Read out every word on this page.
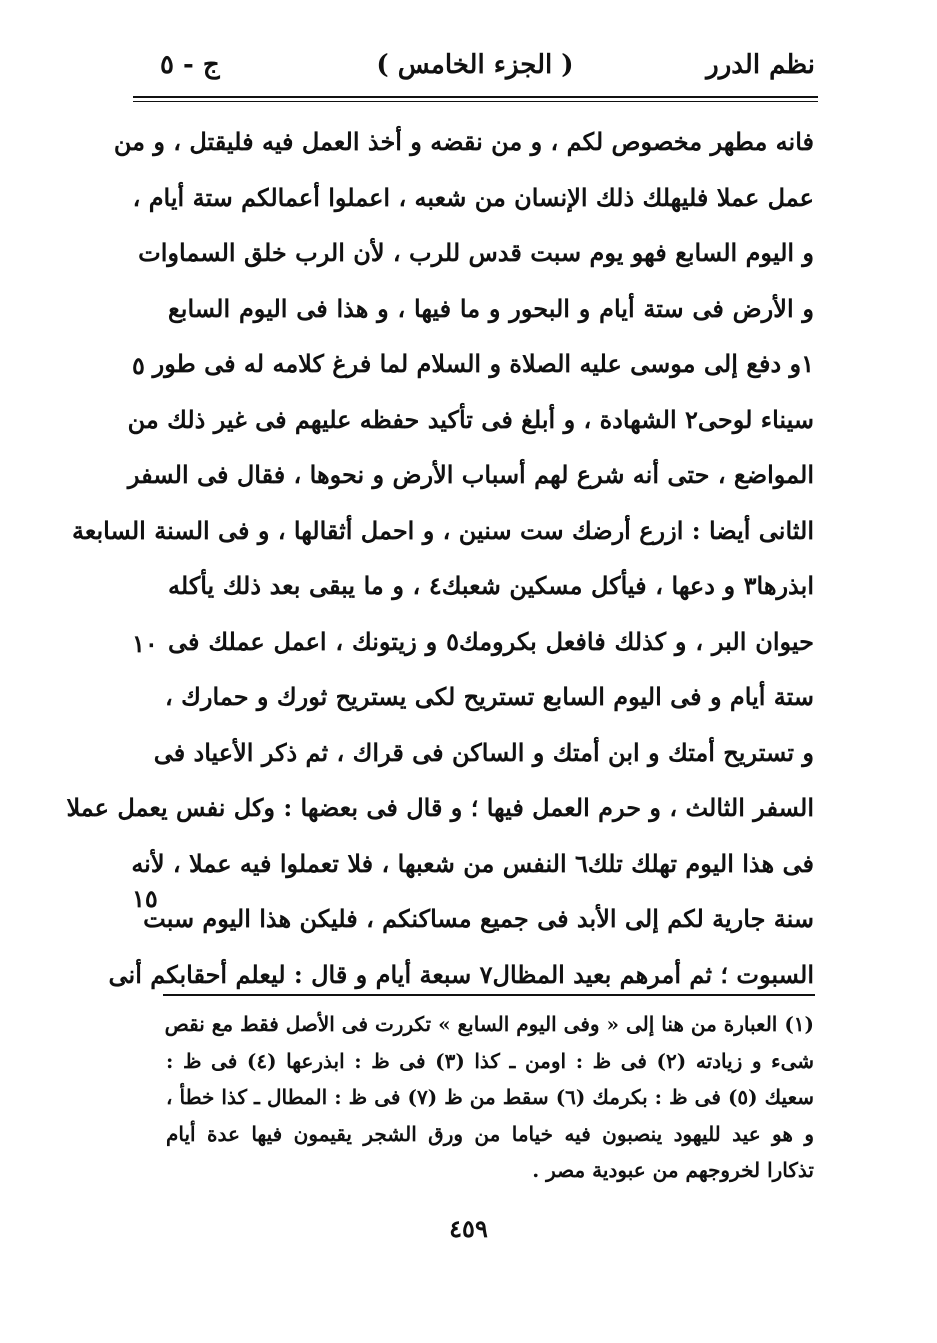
نظم الدرر
( الجزء الخامس )
ج - ٥
فانه مطهر مخصوص لكم ، و من نقضه و أخذ العمل فيه فليقتل ، و من
عمل عملا فليهلك ذلك الإنسان من شعبه ، اعملوا أعمالكم ستة أيام ،
و اليوم السابع فهو يوم سبت قدس للرب ، لأن الرب خلق السماوات
و الأرض فى ستة أيام و البحور و ما فيها ، و هذا فى اليوم السابع
١و دفع إلى موسى عليه الصلاة و السلام لما فرغ كلامه له فى طور
سيناء لوحى٢ الشهادة ، و أبلغ فى تأكيد حفظه عليهم فى غير ذلك من
المواضع ، حتى أنه شرع لهم أسباب الأرض و نحوها ، فقال فى السفر
الثانى أيضا : ازرع أرضك ست سنين ، و احمل أثقالها ، و فى السنة السابعة
ابذرها٣ و دعها ، فيأكل مسكين شعبك٤ ، و ما يبقى بعد ذلك يأكله
حيوان البر ، و كذلك فافعل بكرومك٥ و زيتونك ، اعمل عملك فى
ستة أيام و فى اليوم السابع تستريح لكى يستريح ثورك و حمارك ،
و تستريح أمتك و ابن أمتك و الساكن فى قراك ، ثم ذكر الأعياد فى
السفر الثالث ، و حرم العمل فيها ؛ و قال فى بعضها : وكل نفس يعمل عملا
فى هذا اليوم تهلك تلك٦ النفس من شعبها ، فلا تعملوا فيه عملا ، لأنه
سنة جارية لكم إلى الأبد فى جميع مساكنكم ، فليكن هذا اليوم سبت
السبوت ؛ ثم أمرهم بعيد المظال٧ سبعة أيام و قال : ليعلم أحقابكم أنى
٥
١٠
١٥
(١) العبارة من هنا إلى « وفى اليوم السابع » تكررت فى الأصل فقط مع نقص
شىء و زيادته (٢) فى ظ : اومن ـ كذا (٣) فى ظ : ابذرعها (٤) فى ظ :
سعيك (٥) فى ظ : بكرمك (٦) سقط من ظ (٧) فى ظ : المطال ـ كذا خطأ ،
و هو عيد لليهود ينصبون فيه خياما من ورق الشجر يقيمون فيها عدة أيام
تذكارا لخروجهم من عبودية مصر .
٤٥٩
